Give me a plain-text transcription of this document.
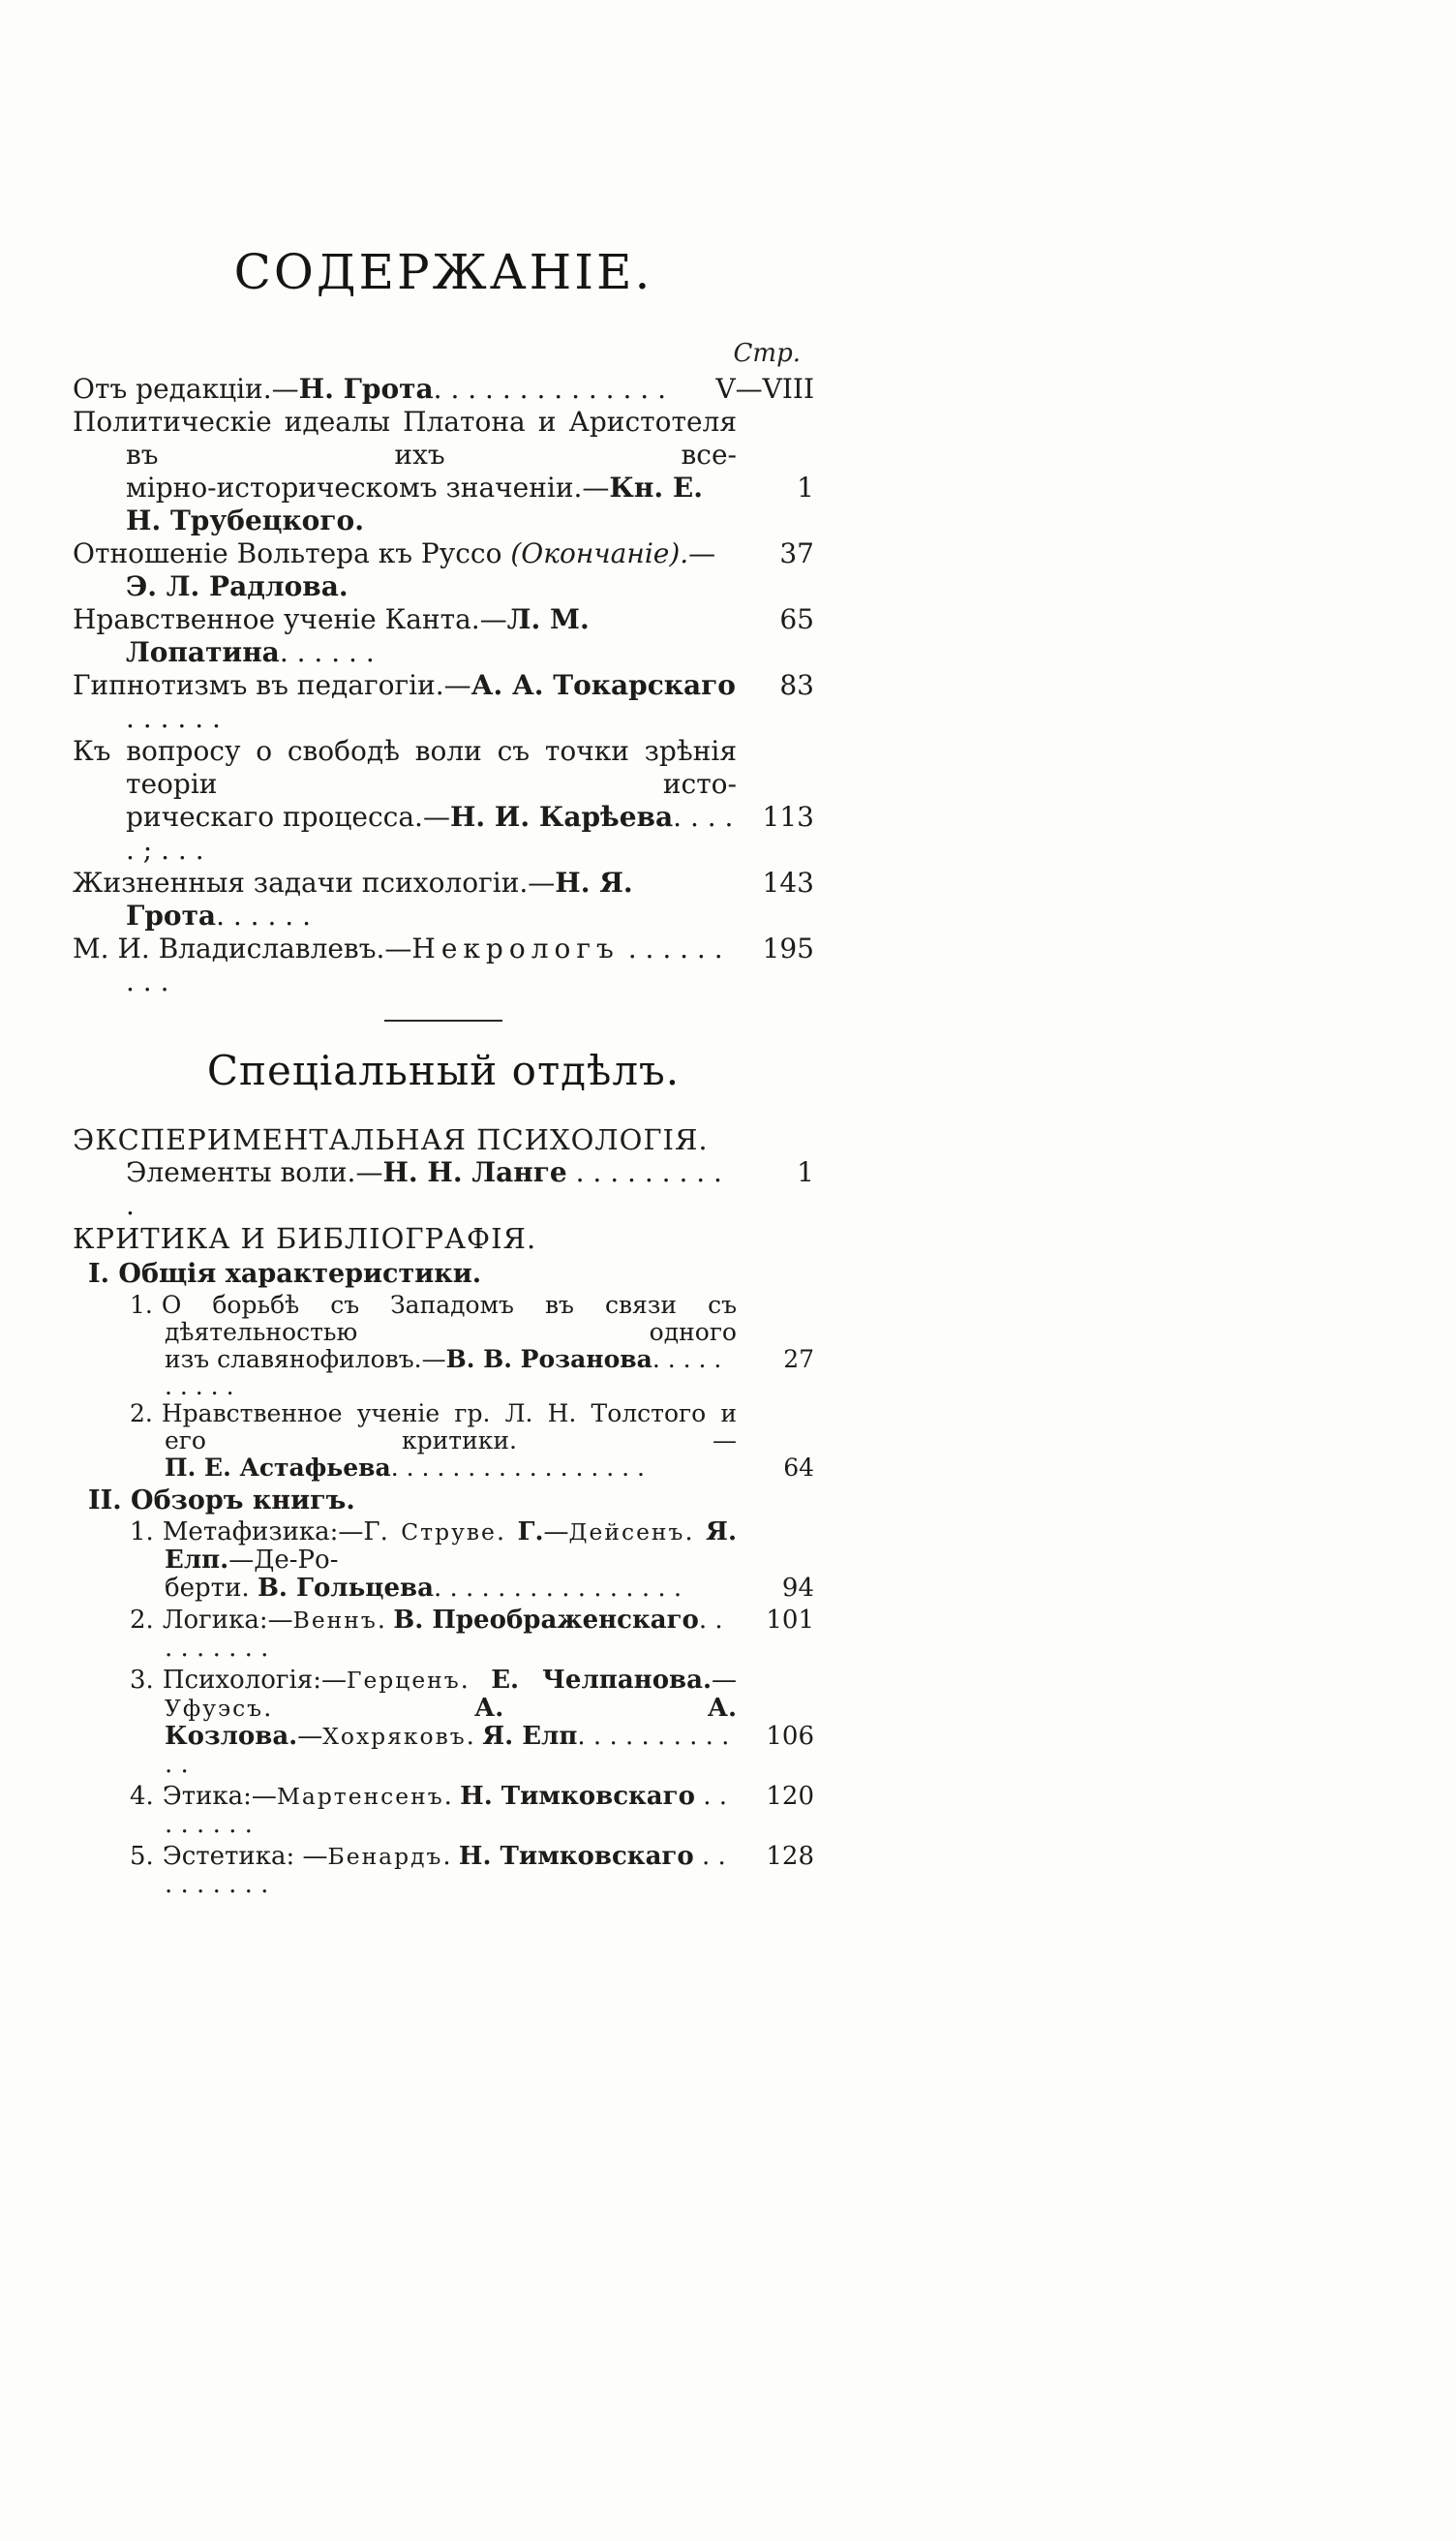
СОДЕРЖАНІЕ.
Стр.
V—VIII
Отъ редакціи.—Н. Грота. . . . . . . . . . . . . .
Политическіе идеалы Платона и Аристотеля въ ихъ все-
1
мірно-историческомъ значеніи.—Кн. Е. Н. Трубецкого.
37
Отношеніе Вольтера къ Руссо (Окончаніе).—Э. Л. Радлова.
65
Нравственное ученіе Канта.—Л. М. Лопатина. . . . . .
83
Гипнотизмъ въ педагогіи.—А. А. Токарскаго . . . . . .
Къ вопросу о свободѣ воли съ точки зрѣнія теоріи исто-
113
рическаго процесса.—Н. И. Карѣева. . . . . ; . . .
143
Жизненныя задачи психологіи.—Н. Я. Грота. . . . . .
195
М. И. Владиславлевъ.—Некрологъ . . . . . . . . .
Спеціальный отдѣлъ.
ЭКСПЕРИМЕНТАЛЬНАЯ ПСИХОЛОГІЯ.
1
Элементы воли.—Н. Н. Ланге . . . . . . . . . .
КРИТИКА И БИБЛІОГРАФІЯ.
I. Общія характеристики.
1. О борьбѣ съ Западомъ въ связи съ дѣятельностью одного
27
изъ славянофиловъ.—В. В. Розанова. . . . . . . . . .
2. Нравственное ученіе гр. Л. Н. Толстого и его критики. —
64
П. Е. Астафьева. . . . . . . . . . . . . . . . .
II. Обзоръ книгъ.
1. Метафизика:—Г. Струве. Г.—Дейсенъ. Я. Елп.—Де-Ро-
94
берти. В. Гольцева. . . . . . . . . . . . . . . .
101
2. Логика:—Веннъ. В. Преображенскаго. . . . . . . . .
3. Психологія:—Герценъ. Е. Челпанова.—Уфуэсъ. А. А.
106
Козлова.—Хохряковъ. Я. Елп. . . . . . . . . . . .
120
4. Этика:—Мартенсенъ. Н. Тимковскаго . . . . . . . .
128
5. Эстетика: —Бенардъ. Н. Тимковскаго . . . . . . . . .
